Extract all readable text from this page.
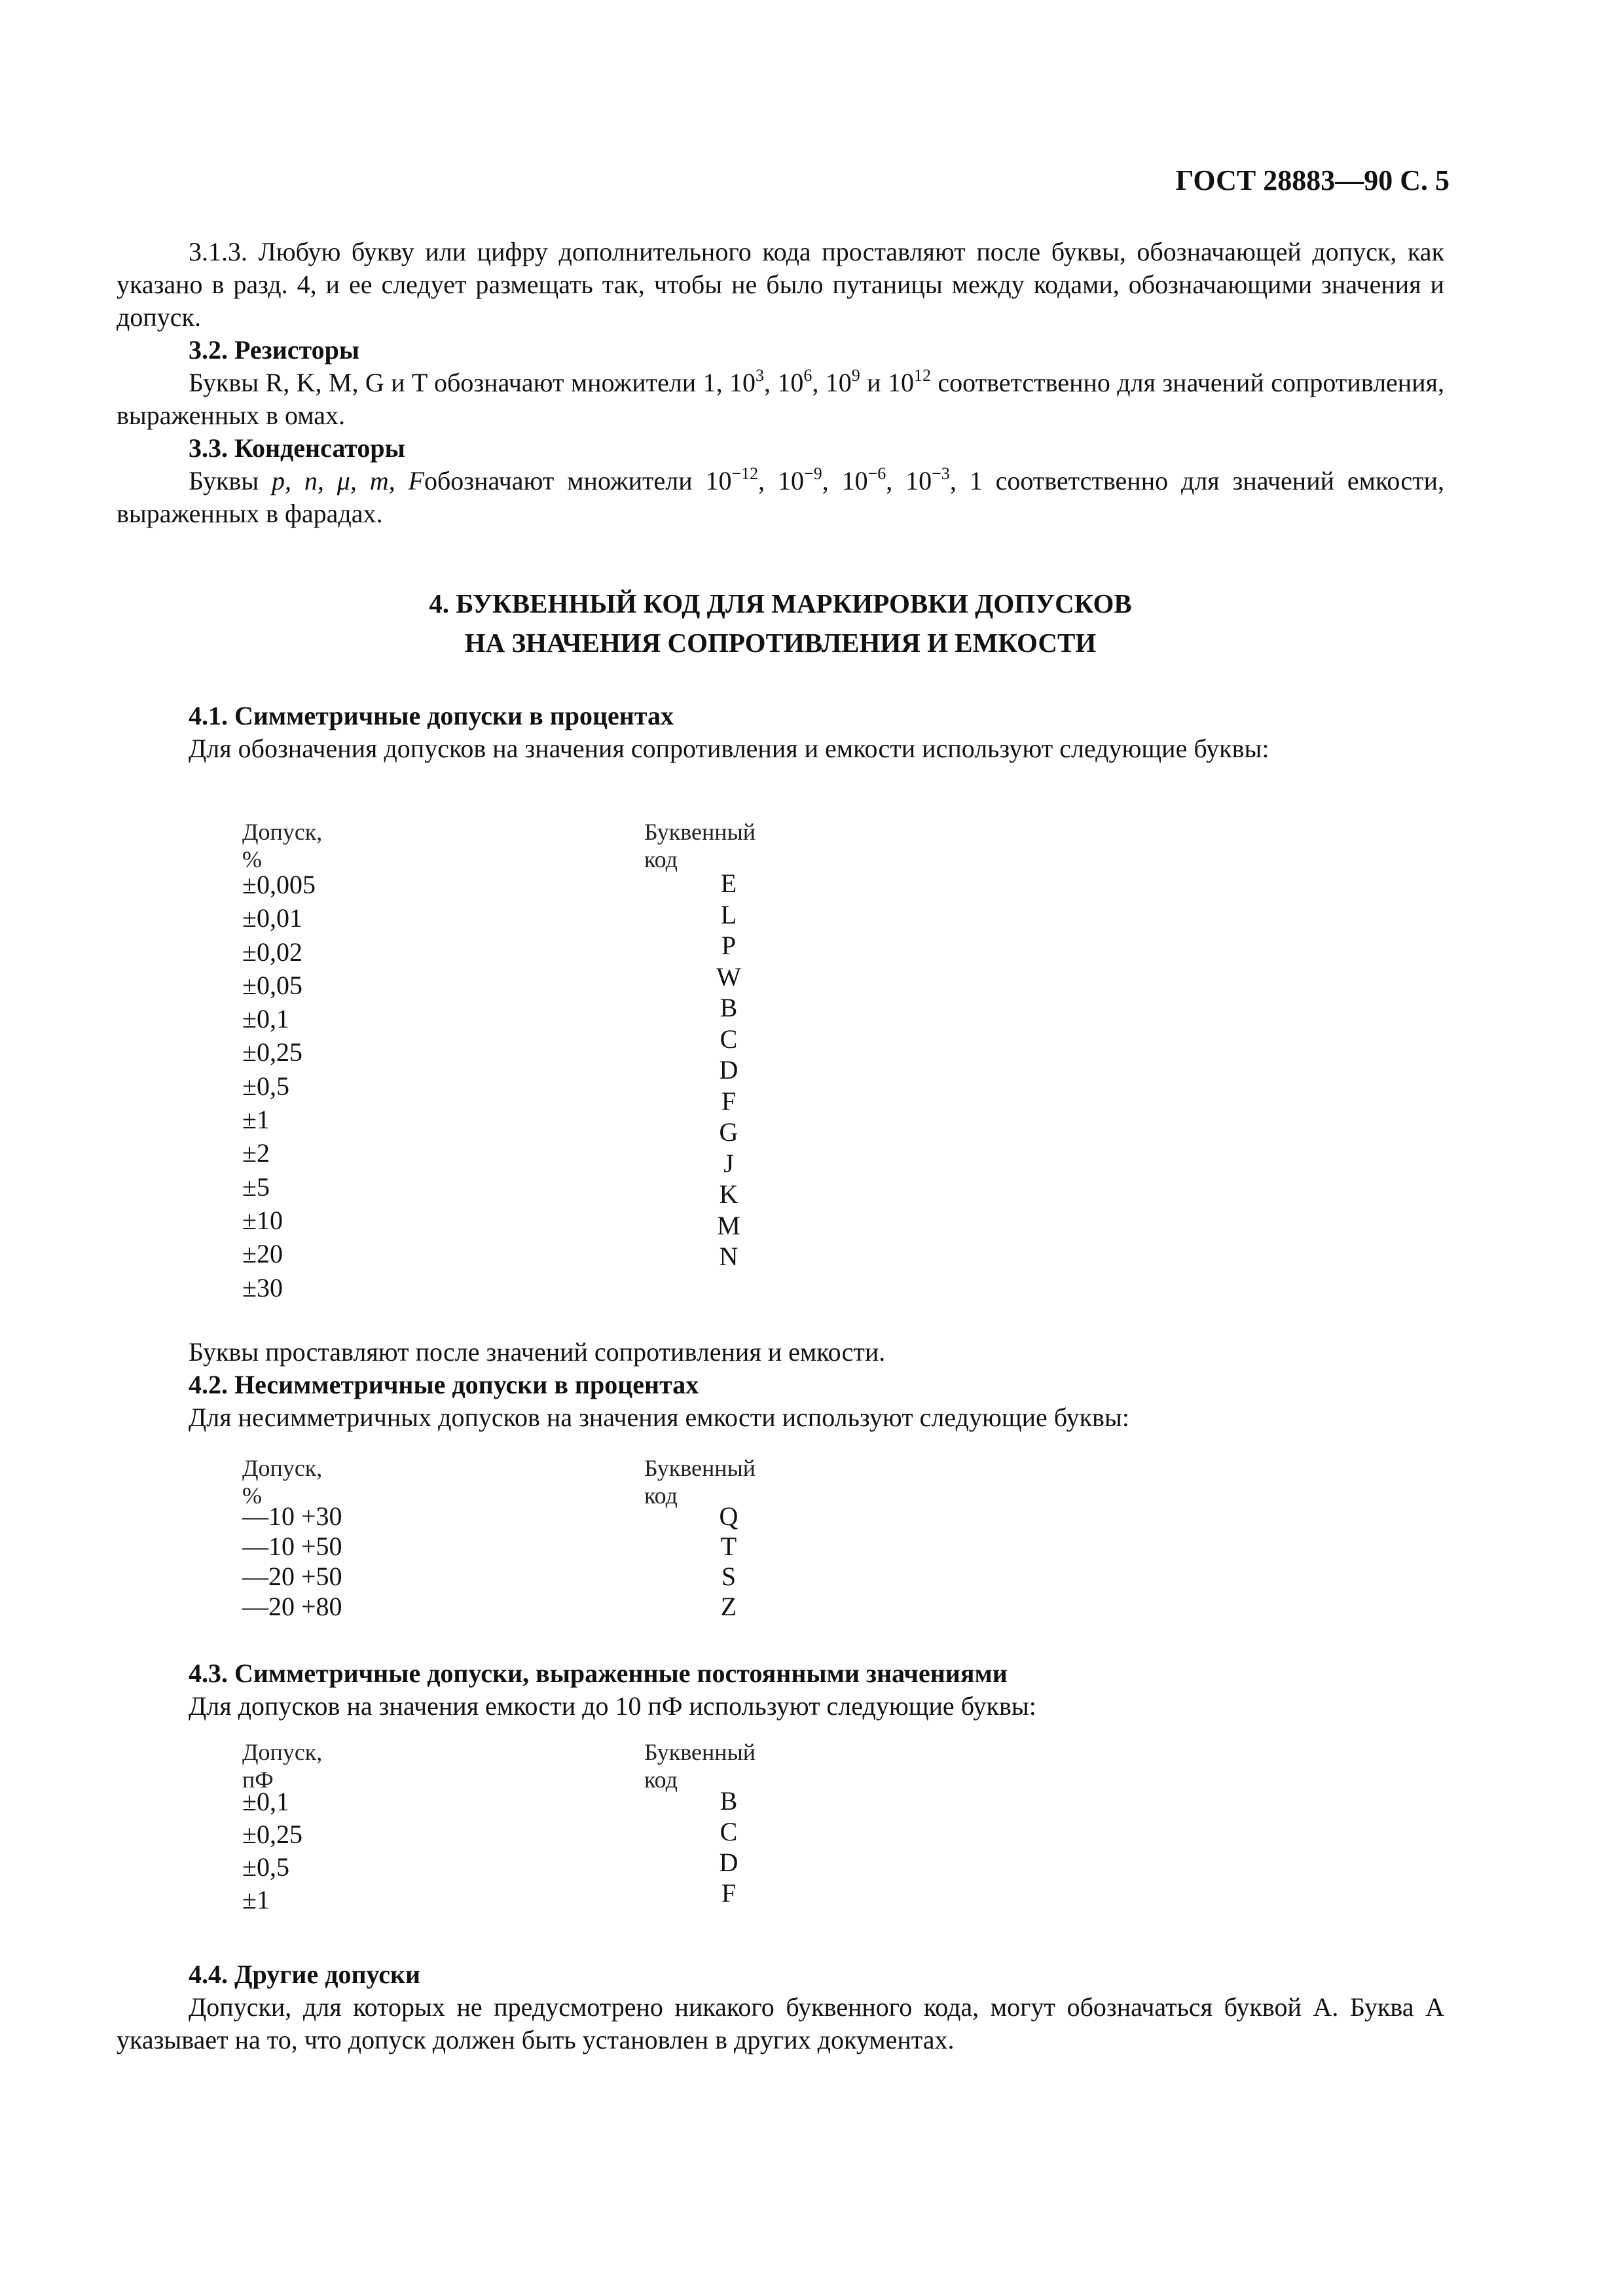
ГОСТ 28883—90 С. 5

3.1.3. Любую букву или цифру дополнительного кода проставляют после буквы, обозначающей допуск, как указано в разд. 4, и ее следует размещать так, чтобы не было путаницы между кодами, обозначающими значения и допуск.

3.2. Резисторы

Буквы R, K, M, G и T обозначают множители 1, $10^3$, $10^6$, $10^9$ и $10^{12}$ соответственно для значений сопротивления, выраженных в омах.

3.3. Конденсаторы

Буквы p, n, μ, m, Fобозначают множители $10^{-12}$, $10^{-9}$, $10^{-6}$, $10^{-3}$, 1 соответственно для значений емкости, выраженных в фарадах.

4. БУКВЕННЫЙ КОД ДЛЯ МАРКИРОВКИ ДОПУСКОВ
НА ЗНАЧЕНИЯ СОПРОТИВЛЕНИЯ И ЕМКОСТИ

4.1. Симметричные допуски в процентах

Для обозначения допусков на значения сопротивления и емкости используют следующие буквы:

Допуск, %
Буквенный код
±0,005
±0,01
±0,02
±0,05
±0,1
±0,25
±0,5
±1
±2
±5
±10
±20
±30
E
L
P
W
B
C
D
F
G
J
K
M
N

Буквы проставляют после значений сопротивления и емкости.

4.2. Несимметричные допуски в процентах

Для несимметричных допусков на значения емкости используют следующие буквы:

Допуск, %
Буквенный код
—10 +30
—10 +50
—20 +50
—20 +80
Q
T
S
Z

4.3. Симметричные допуски, выраженные постоянными значениями

Для допусков на значения емкости до 10 пФ используют следующие буквы:

Допуск, пФ
Буквенный код
±0,1
±0,25
±0,5
±1
B
C
D
F

4.4. Другие допуски

Допуски, для которых не предусмотрено никакого буквенного кода, могут обозначаться буквой А. Буква А указывает на то, что допуск должен быть установлен в других документах.
